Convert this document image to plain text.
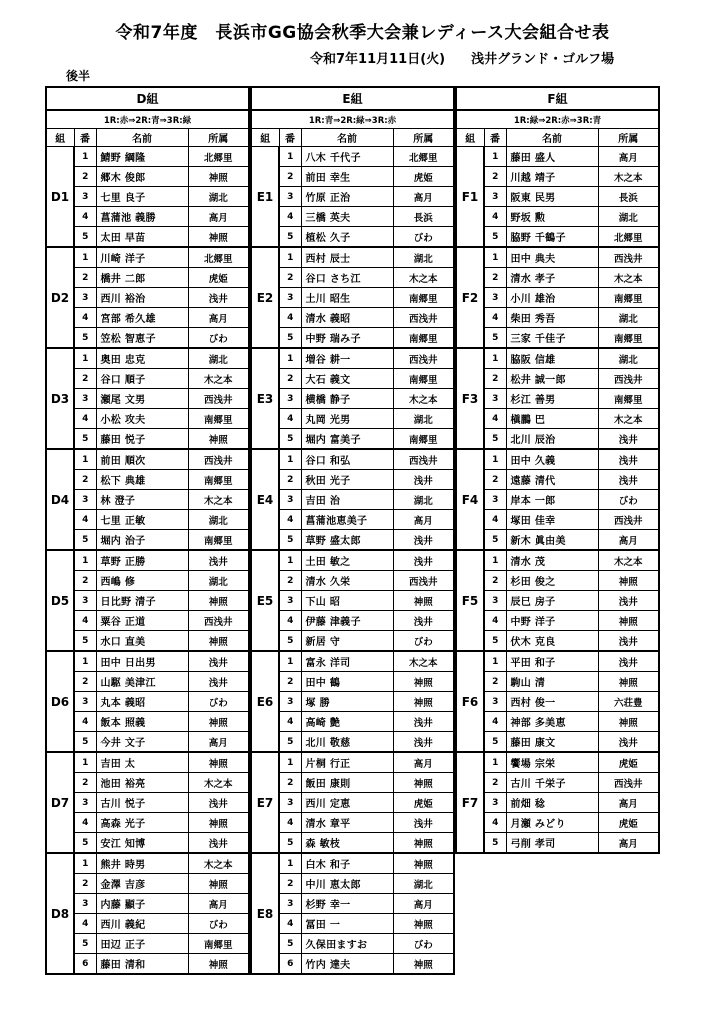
令和7年度　長浜市GG協会秋季大会兼レディース大会組合せ表
令和7年11月11日(火) 浅井グランド・ゴルフ場
後半
D組			
1R:赤⇒2R:青⇒3R:緑			
組	番	名前	所属
D1	1	鯖野 綱隆	北郷里
	2	郷木 俊郎	神照
	3	七里 良子	湖北
	4	菖蒲池 義勝	高月
	5	太田 早苗	神照
D2	1	川崎 洋子	北郷里
	2	橋井 二郎	虎姫
	3	西川 裕治	浅井
	4	宮部 希久雄	高月
	5	笠松 智恵子	びわ
D3	1	奥田 忠克	湖北
	2	谷口 順子	木之本
	3	瀬尾 文男	西浅井
	4	小松 攻夫	南郷里
	5	藤田 悦子	神照
D4	1	前田 順次	西浅井
	2	松下 典雄	南郷里
	3	林 澄子	木之本
	4	七里 正敏	湖北
	5	堀内 治子	南郷里
D5	1	草野 正勝	浅井
	2	西嶋 修	湖北
	3	日比野 清子	神照
	4	粟谷 正道	西浅井
	5	水口 直美	神照
D6	1	田中 日出男	浅井
	2	山駆 美津江	浅井
	3	丸本 義昭	びわ
	4	飯本 照義	神照
	5	今井 文子	高月
D7	1	吉田 太	神照
	2	池田 裕亮	木之本
	3	古川 悦子	浅井
	4	高森 光子	神照
	5	安江 知博	浅井
D8	1	熊井 時男	木之本
	2	金澤 吉彦	神照
	3	内藤 顯子	高月
	4	西川 義紀	びわ
	5	田辺 正子	南郷里
	6	藤田 清和	神照
E組			
1R:青⇒2R:緑⇒3R:赤			
組	番	名前	所属
E1	1	八木 千代子	北郷里
	2	前田 幸生	虎姫
	3	竹原 正治	高月
	4	三橋 英夫	長浜
	5	植松 久子	びわ
E2	1	西村 辰士	湖北
	2	谷口 さち江	木之本
	3	土川 昭生	南郷里
	4	清水 義昭	西浅井
	5	中野 瑞み子	南郷里
E3	1	増谷 耕一	西浅井
	2	大石 義文	南郷里
	3	横橋 静子	木之本
	4	丸岡 光男	湖北
	5	堀内 富美子	南郷里
E4	1	谷口 和弘	西浅井
	2	秋田 光子	浅井
	3	吉田 治	湖北
	4	菖蒲池恵美子	高月
	5	草野 盛太郎	浅井
E5	1	土田 敏之	浅井
	2	清水 久栄	西浅井
	3	下山 昭	神照
	4	伊藤 津義子	浅井
	5	新居 守	びわ
E6	1	富永 洋司	木之本
	2	田中 鶴	神照
	3	塚 勝	神照
	4	高崎 艶	浅井
	5	北川 敬慈	浅井
E7	1	片桐 行正	高月
	2	飯田 康則	神照
	3	西川 定恵	虎姫
	4	清水 章平	浅井
	5	森 敏枝	神照
E8	1	白木 和子	神照
	2	中川 恵太郎	湖北
	3	杉野 幸一	高月
	4	冨田 一	神照
	5	久保田ますお	びわ
	6	竹内 達夫	神照
F組			
1R:緑⇒2R:赤⇒3R:青			
組	番	名前	所属
F1	1	藤田 盛人	高月
	2	川越 靖子	木之本
	3	阪東 民男	長浜
	4	野坂 勲	湖北
	5	脇野 千鶴子	北郷里
F2	1	田中 典夫	西浅井
	2	清水 孝子	木之本
	3	小川 雄治	南郷里
	4	柴田 秀吾	湖北
	5	三家 千佳子	南郷里
F3	1	脇阪 信雄	湖北
	2	松井 誠一郎	西浅井
	3	杉江 善男	南郷里
	4	槇鵬 巴	木之本
	5	北川 辰治	浅井
F4	1	田中 久義	浅井
	2	遠藤 清代	浅井
	3	岸本 一郎	びわ
	4	塚田 佳幸	西浅井
	5	新木 眞由美	高月
F5	1	清水 茂	木之本
	2	杉田 俊之	神照
	3	辰巳 房子	浅井
	4	中野 洋子	神照
	5	伏木 克良	浅井
F6	1	平田 和子	浅井
	2	駒山 清	神照
	3	西村 俊一	六荘豊
	4	神部 多美恵	神照
	5	藤田 康文	浅井
F7	1	饗場 宗栄	虎姫
	2	古川 千栄子	西浅井
	3	前畑 稔	高月
	4	月瀬 みどり	虎姫
	5	弓削 孝司	高月
